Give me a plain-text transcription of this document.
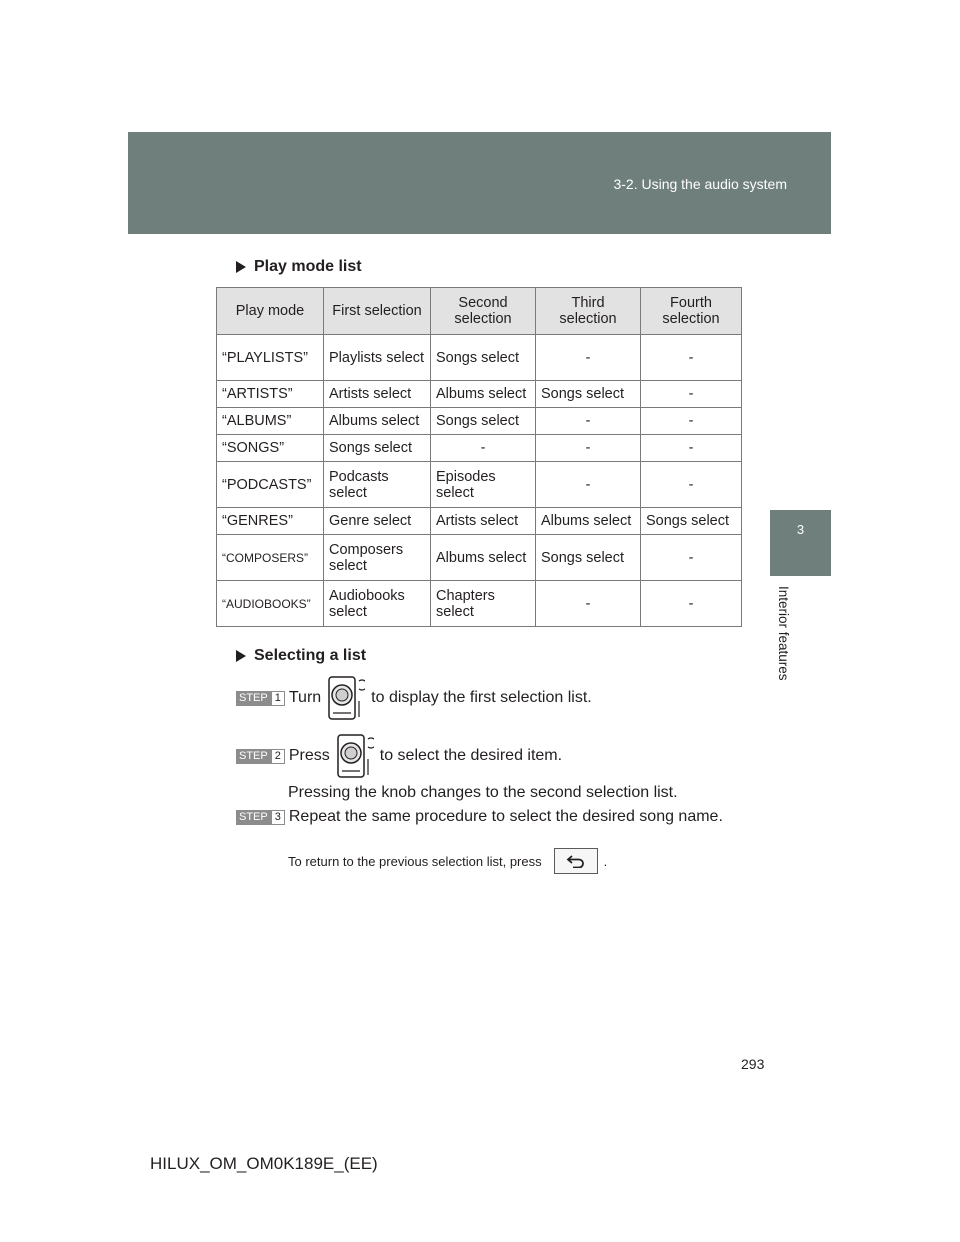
3-2. Using the audio system
3
Interior features
Play mode list
Play mode	First selection	Second selection	Third selection	Fourth selection
“PLAYLISTS”	Playlists select	Songs select	-	-
“ARTISTS”	Artists select	Albums select	Songs select	-
“ALBUMS”	Albums select	Songs select	-	-
“SONGS”	Songs select	-	-	-
“PODCASTS”	Podcasts select	Episodes select	-	-
“GENRES”	Genre select	Artists select	Albums select	Songs select
“COMPOSERS”	Composers select	Albums select	Songs select	-
“AUDIOBOOKS”	Audiobooks select	Chapters select	-	-
Selecting a list
STEP 1 Turn	to display the first selection list.
STEP 2 Press	to select the desired item.
Pressing the knob changes to the second selection list.
STEP 3 Repeat the same procedure to select the desired song name.
To return to the previous selection list, press	.
293
HILUX_OM_OM0K189E_(EE)
